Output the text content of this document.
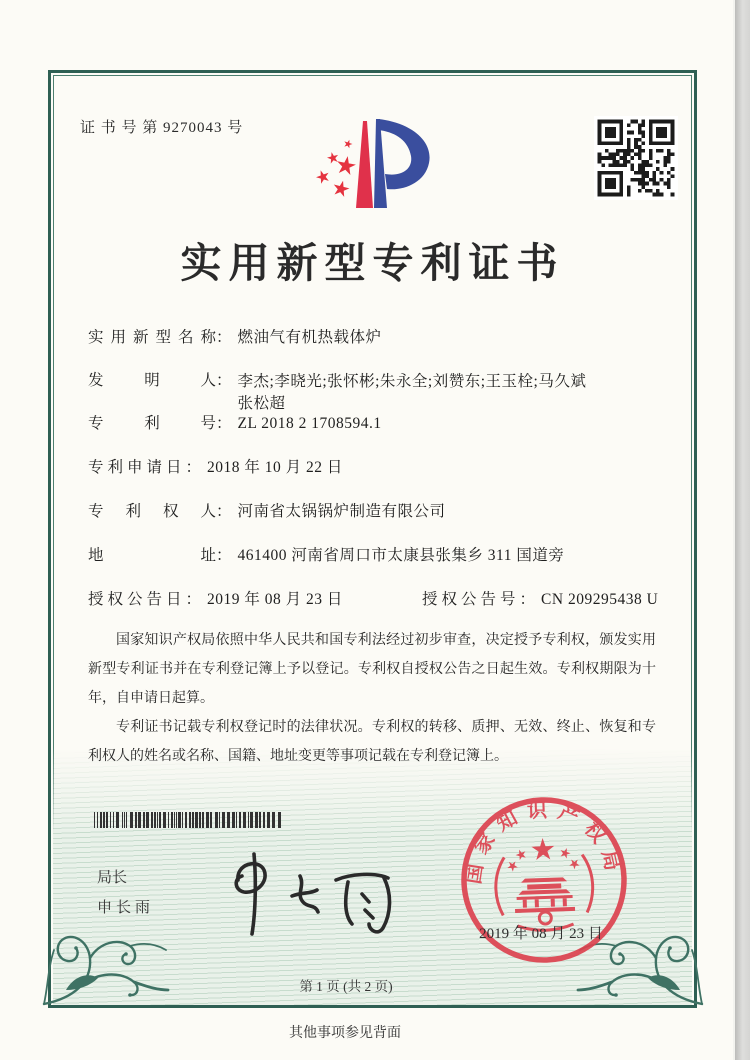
证 书 号 第 9270043 号
实用新型专利证书
实用新型名称： 燃油气有机热载体炉
发明人： 李杰;李晓光;张怀彬;朱永全;刘赞东;王玉栓;马久斌
张松超
专利号： ZL 2018 2 1708594.1
专利申请日： 2018 年 10 月 22 日
专利权人： 河南省太锅锅炉制造有限公司
地址： 461400 河南省周口市太康县张集乡 311 国道旁
授权公告日： 2019 年 08 月 23 日	授权公告号： CN 209295438 U

国家知识产权局依照中华人民共和国专利法经过初步审查，决定授予专利权，颁发实用新型专利证书并在专利登记簿上予以登记。专利权自授权公告之日起生效。专利权期限为十年，自申请日起算。

专利证书记载专利权登记时的法律状况。专利权的转移、质押、无效、终止、恢复和专利权人的姓名或名称、国籍、地址变更等事项记载在专利登记簿上。

局长
申长雨
国家知识产权局
2019 年 08 月 23 日
第 1 页 (共 2 页)
其他事项参见背面
